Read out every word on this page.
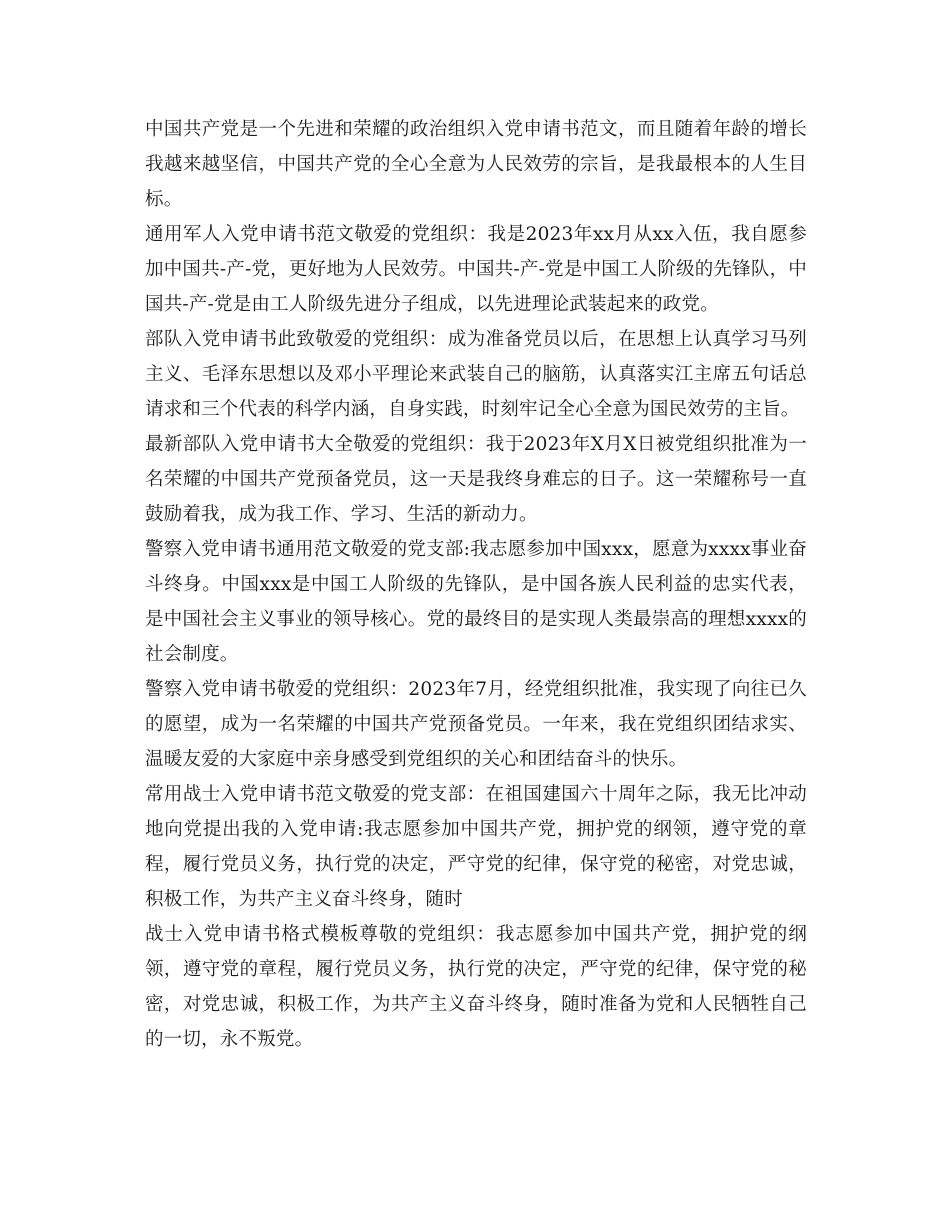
中国共产党是一个先进和荣耀的政治组织入党申请书范文，而且随着年龄的增长我越来越坚信，中国共产党的全心全意为人民效劳的宗旨，是我最根本的人生目标。

通用军人入党申请书范文敬爱的党组织：我是2023年xx月从xx入伍，我自愿参加中国共-产-党，更好地为人民效劳。中国共-产-党是中国工人阶级的先锋队，中国共-产-党是由工人阶级先进分子组成，以先进理论武装起来的政党。

部队入党申请书此致敬爱的党组织：成为准备党员以后，在思想上认真学习马列主义、毛泽东思想以及邓小平理论来武装自己的脑筋，认真落实江主席五句话总请求和三个代表的科学内涵，自身实践，时刻牢记全心全意为国民效劳的主旨。

最新部队入党申请书大全敬爱的党组织：我于2023年X月X日被党组织批准为一名荣耀的中国共产党预备党员，这一天是我终身难忘的日子。这一荣耀称号一直鼓励着我，成为我工作、学习、生活的新动力。

警察入党申请书通用范文敬爱的党支部:我志愿参加中国xxx，愿意为xxxx事业奋斗终身。中国xxx是中国工人阶级的先锋队，是中国各族人民利益的忠实代表，是中国社会主义事业的领导核心。党的最终目的是实现人类最崇高的理想xxxx的社会制度。

警察入党申请书敬爱的党组织：2023年7月，经党组织批准，我实现了向往已久的愿望，成为一名荣耀的中国共产党预备党员。一年来，我在党组织团结求实、温暖友爱的大家庭中亲身感受到党组织的关心和团结奋斗的快乐。

常用战士入党申请书范文敬爱的党支部：在祖国建国六十周年之际，我无比冲动地向党提出我的入党申请:我志愿参加中国共产党，拥护党的纲领，遵守党的章程，履行党员义务，执行党的决定，严守党的纪律，保守党的秘密，对党忠诚，积极工作，为共产主义奋斗终身，随时

战士入党申请书格式模板尊敬的党组织：我志愿参加中国共产党，拥护党的纲领，遵守党的章程，履行党员义务，执行党的决定，严守党的纪律，保守党的秘密，对党忠诚，积极工作，为共产主义奋斗终身，随时准备为党和人民牺牲自己的一切，永不叛党。
